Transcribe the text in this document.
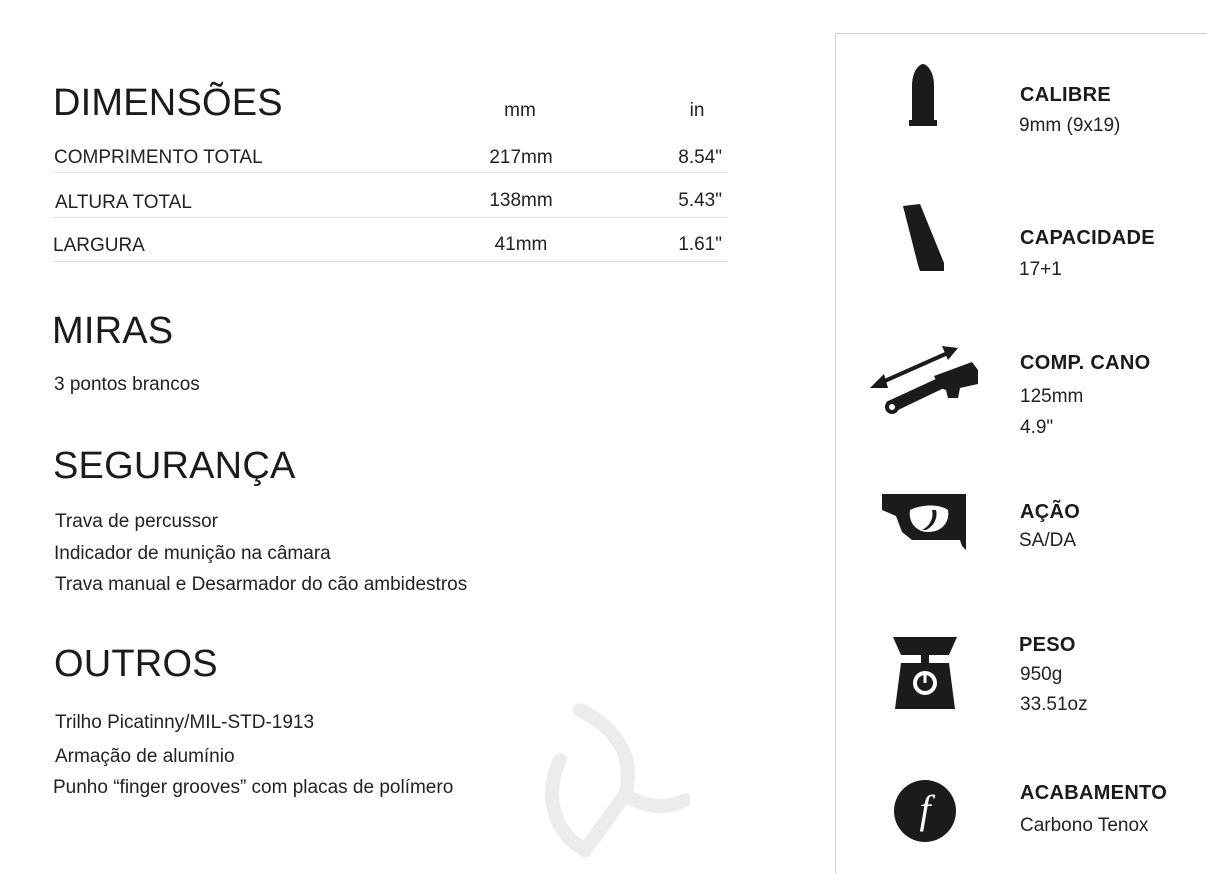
DIMENSÕES	mm	in
COMPRIMENTO TOTAL	217mm	8.54"
ALTURA TOTAL	138mm	5.43"
LARGURA	41mm	1.61"
MIRAS
3 pontos brancos
SEGURANÇA
Trava de percussor
Indicador de munição na câmara
Trava manual e Desarmador do cão ambidestros
OUTROS
Trilho Picatinny/MIL-STD-1913
Armação de alumínio
Punho “finger grooves” com placas de polímero
CALIBRE
9mm (9x19)
CAPACIDADE
17+1
COMP. CANO
125mm
4.9"
AÇÃO
SA/DA
PESO
950g
33.51oz
f	ACABAMENTO
Carbono Tenox
